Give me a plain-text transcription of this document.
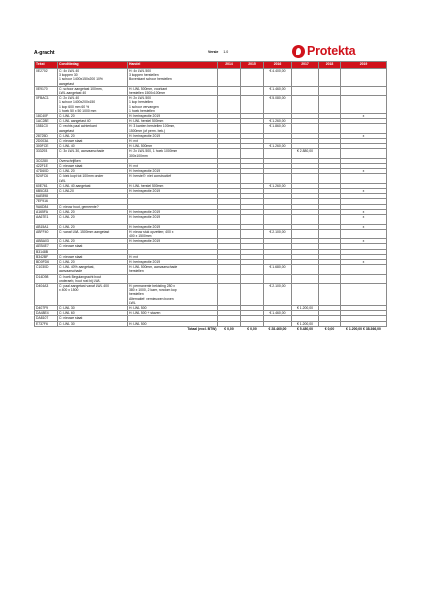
A-gracht	Versie 1.0	Protekta
Tekst	Conditiedag	Handel	2014	2015	2016	2017	2018	2019
0E2702	C: 4x LWL 40
3 koppen 30
1 schoor 1400x150x200 10%
aangetast	H: 4x LWL 500
3 koppen herstellen
Bovenkant schoor herstellen			€ 4.400,00			
0E9170	C: schoor aangetast 100mm,
LWL aangetast 40	H: LWL 500mm, voorkant
herstellen 1500x100mm			€ 1.460,00			
0FBAC1	C: 2x LWL 40
1 schoor 1400x200x150
1 kop 600 mm 60 %
1 hoek 50 x 50 1000 mm	H: 2x LWL 500
1 kop herstellen
1 schoor vervangen
1 hoek herstellen			€ 5.080,00			
18C40F	C: LWL 20	H: herinspectie 2019						x
1AC28E	C: LWL aangetast 40	H: LWL herstel 500mm			€ 1.260,00			
1581C0	C: rechts paal achterkant
aangetast	H: 3 kanten herstellen 100mm,
1500mm (of perm. bek.)			€ 1.860,00			
28725D	C: LWL 20	H: herinspectie 2019						x
2D003A	C: nieuwe staat	H: nvt						
300FCE	C: LWL 40	H: LWL 500mm			€ 1.260,00			
333293	C: 3x LWL 30, aanvaarschade	H: 2x LWL 500, 1 hoek 1000mm
300x100mm				€ 2.880,00		
3C0280	Overschrijfken							
422F1E	C: nieuwe staat	H: nvt						
47D60D	C: LWL 20	H: herinspectie 2019						x
524FC6	C: kiek kopt tot 100mm onder
LWL	H: herstel?: niet constructief						
60E761	C: LWL 40 aangetast	H: LWL herstel 500mm			€ 1.260,00			
6B5C83	C: LWL20	H: herinspectie 2019						x
6AE898								
7EF916								
9A6D84	C: nieuw hout, gemeente?							
A165FA	C: LWL 20	H: herinspectie 2019						x
AA67E1	C: LWL 20	H: herinspectie 2019						x
AB15A1	C: LWL 20	H: herinspectie 2019						x
ABFF40	C: vanaf LWL 1500mm aangetast	H: nieuw stuk opzetten; 400 x
400 x 1500mm			€ 2.100,00			
ABBA03	C: LWL 20	H: herinspectie 2019						x
AEB4E7	C: nieuwe staat							
B3148B								
B342BF	C: nieuwe staat	H: nvt						
BD0FD6	C: LWL 20	H: herinspectie 2019						x
C1030D	C: LWL 40% aangetast,
aanvaarschade	H: LWL 500mm, aanvaarschade
herstellen			€ 1.680,00			
D14D98	C: hoek Begulangracht bout
onderaeb, hout rost bij LWL							
D404A3	C: paal aangetast vanaf LWL 400
x 400 x 1500	H: permanente bekisting 280 x
380 x 1000, 2 kaer, rondom kop
herstellen
Alternatief: vernieuwen boven
LWL			€ 2.100,00			
D407F9	C: LWL 30	H: LWL 500				€ 1.200,00		
DA48E4	C: LWL 60	H: LWL 500 + staven			€ 1.460,00			
DA8107	C: nieuwe staat							
E737F6	C: LWL 30	H: LWL 500				€ 1.200,00		
		Totaal (excl. BTW)	€ 0,00	€ 0,00	€ 28.460,00	€ 5.480,00	€ 0,00	€ 1.200,00 € 38.366,00
